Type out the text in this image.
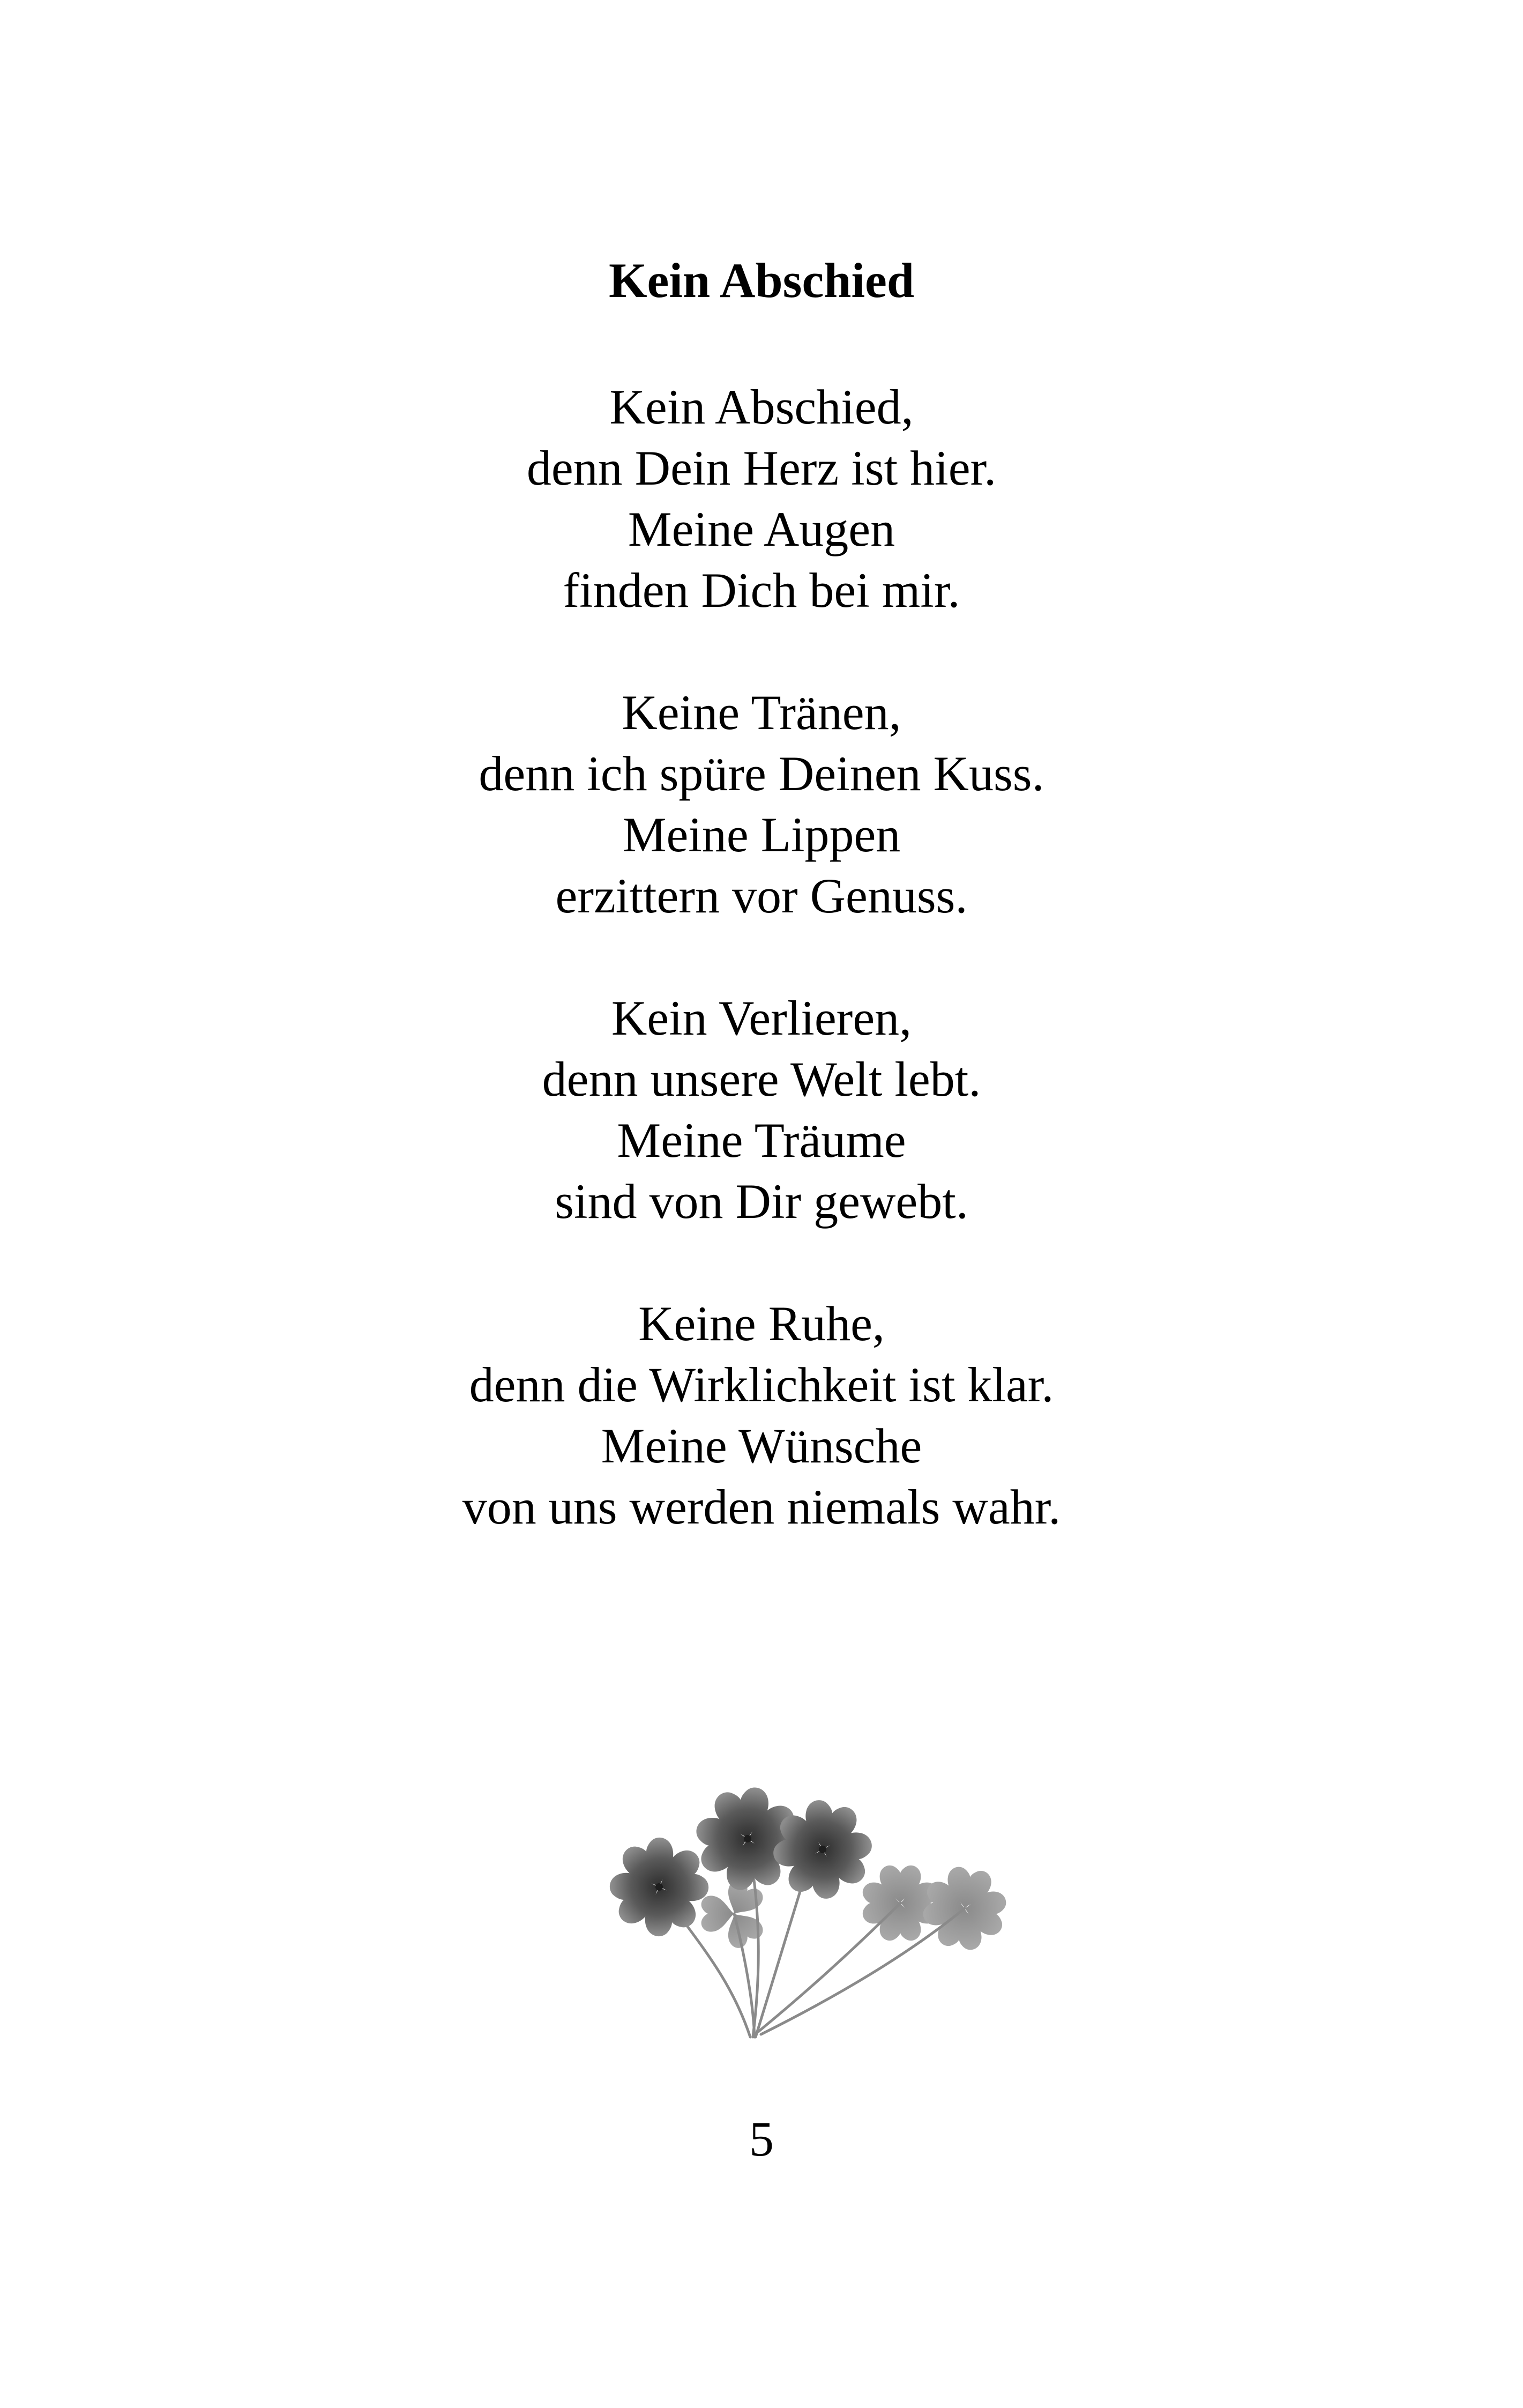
Kein Abschied
Kein Abschied,
denn Dein Herz ist hier.
Meine Augen
finden Dich bei mir.
Keine Tränen,
denn ich spüre Deinen Kuss.
Meine Lippen
erzittern vor Genuss.
Kein Verlieren,
denn unsere Welt lebt.
Meine Träume
sind von Dir gewebt.
Keine Ruhe,
denn die Wirklichkeit ist klar.
Meine Wünsche
von uns werden niemals wahr.
5
